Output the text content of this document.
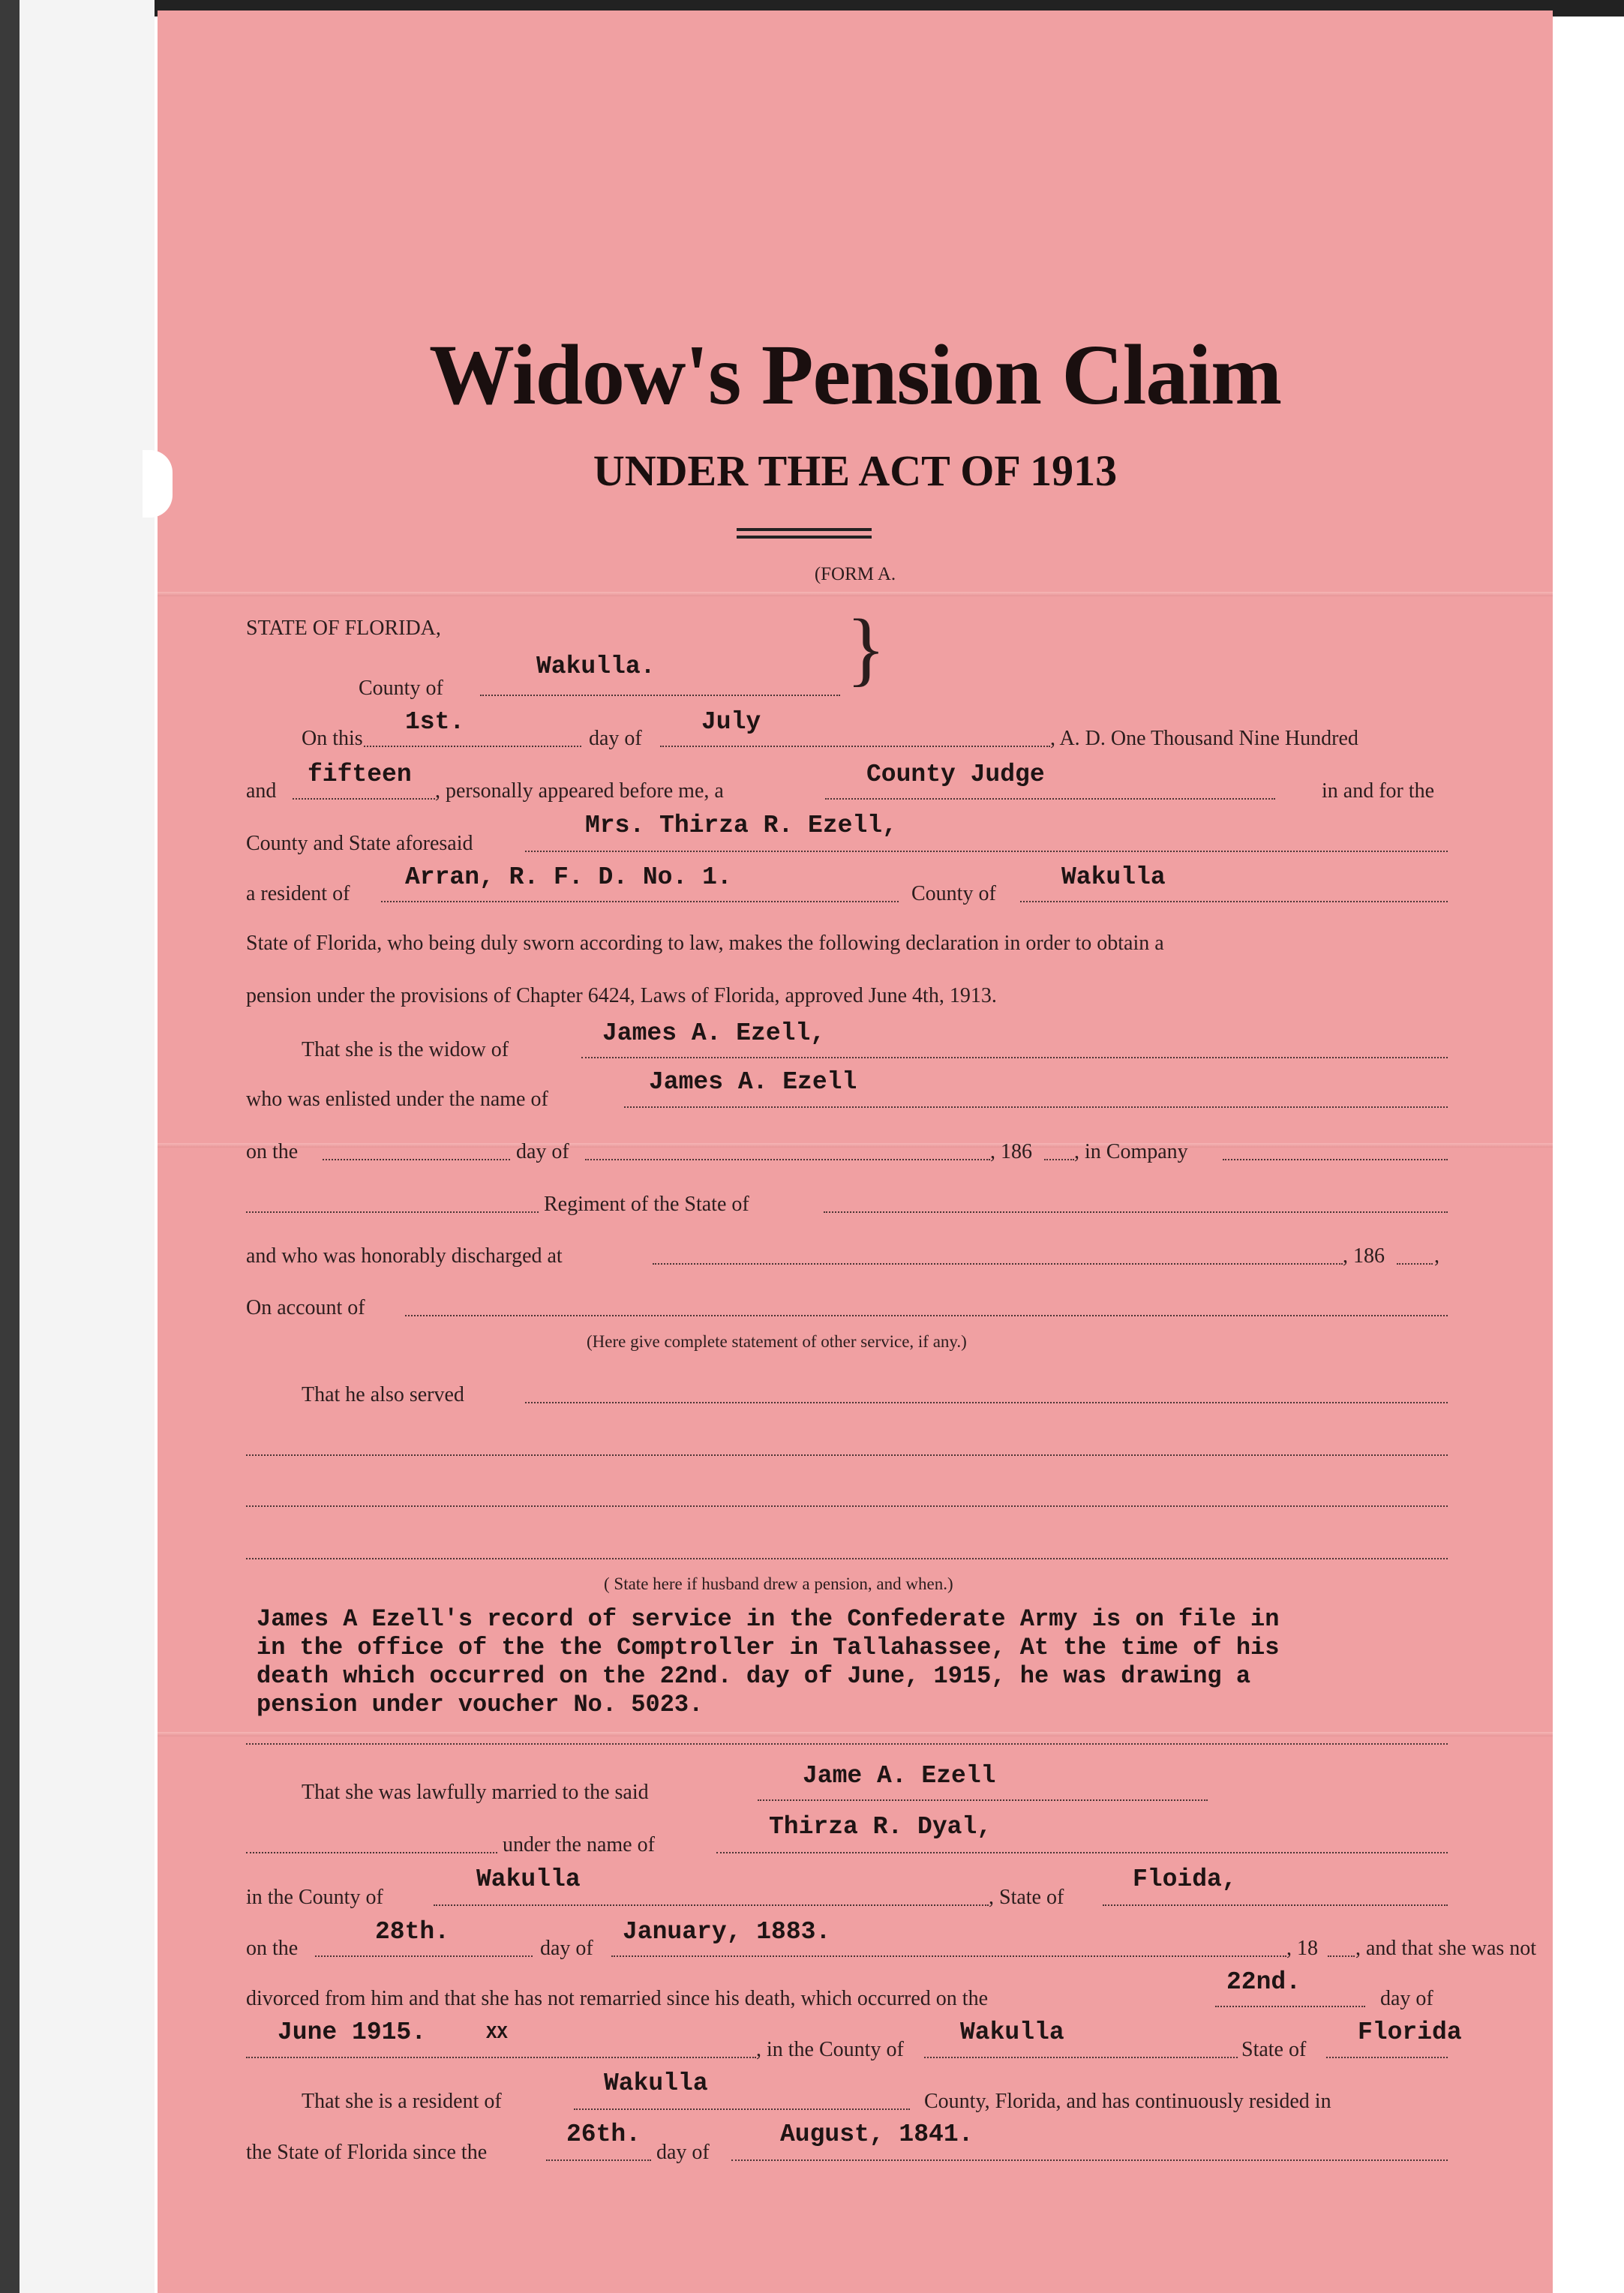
Widow's Pension Claim
UNDER THE ACT OF 1913
(FORM A.
STATE OF FLORIDA,
County of
Wakulla. }
On this
1st.
day of
July
, A. D. One Thousand Nine Hundred
and
fifteen
, personally appeared before me, a
County Judge
in and for the
County and State aforesaid
Mrs. Thirza R. Ezell,
a resident of
Arran, R. F. D. No. 1.
County of
Wakulla
State of Florida, who being duly sworn according to law, makes the following declaration in order to obtain a
pension under the provisions of Chapter 6424, Laws of Florida, approved June 4th, 1913.
That she is the widow of
James A. Ezell,
who was enlisted under the name of
James A. Ezell
on the	day of	, 186 , in Company
Regiment of the State of
and who was honorably discharged at	, 186 ,
On account of
(Here give complete statement of other service, if any.)
That he also served
( State here if husband drew a pension, and when.)
James A Ezell's record of service in the Confederate Army is on file in
in the office of the the Comptroller in Tallahassee, At the time of his
death which occurred on the 22nd. day of June, 1915, he was drawing a
pension under voucher No. 5023.
That she was lawfully married to the said
Jame A. Ezell
under the name of
Thirza R. Dyal,
in the County of
Wakulla
, State of
Floida,
on the
28th.
day of
January, 1883.
, 18 , and that she was not
divorced from him and that she has not remarried since his death, which occurred on the
22nd.
day of
June 1915.	XX
, in the County of
Wakulla
State of
Florida
That she is a resident of
Wakulla
County, Florida, and has continuously resided in
the State of Florida since the
26th.
day of
August, 1841.
